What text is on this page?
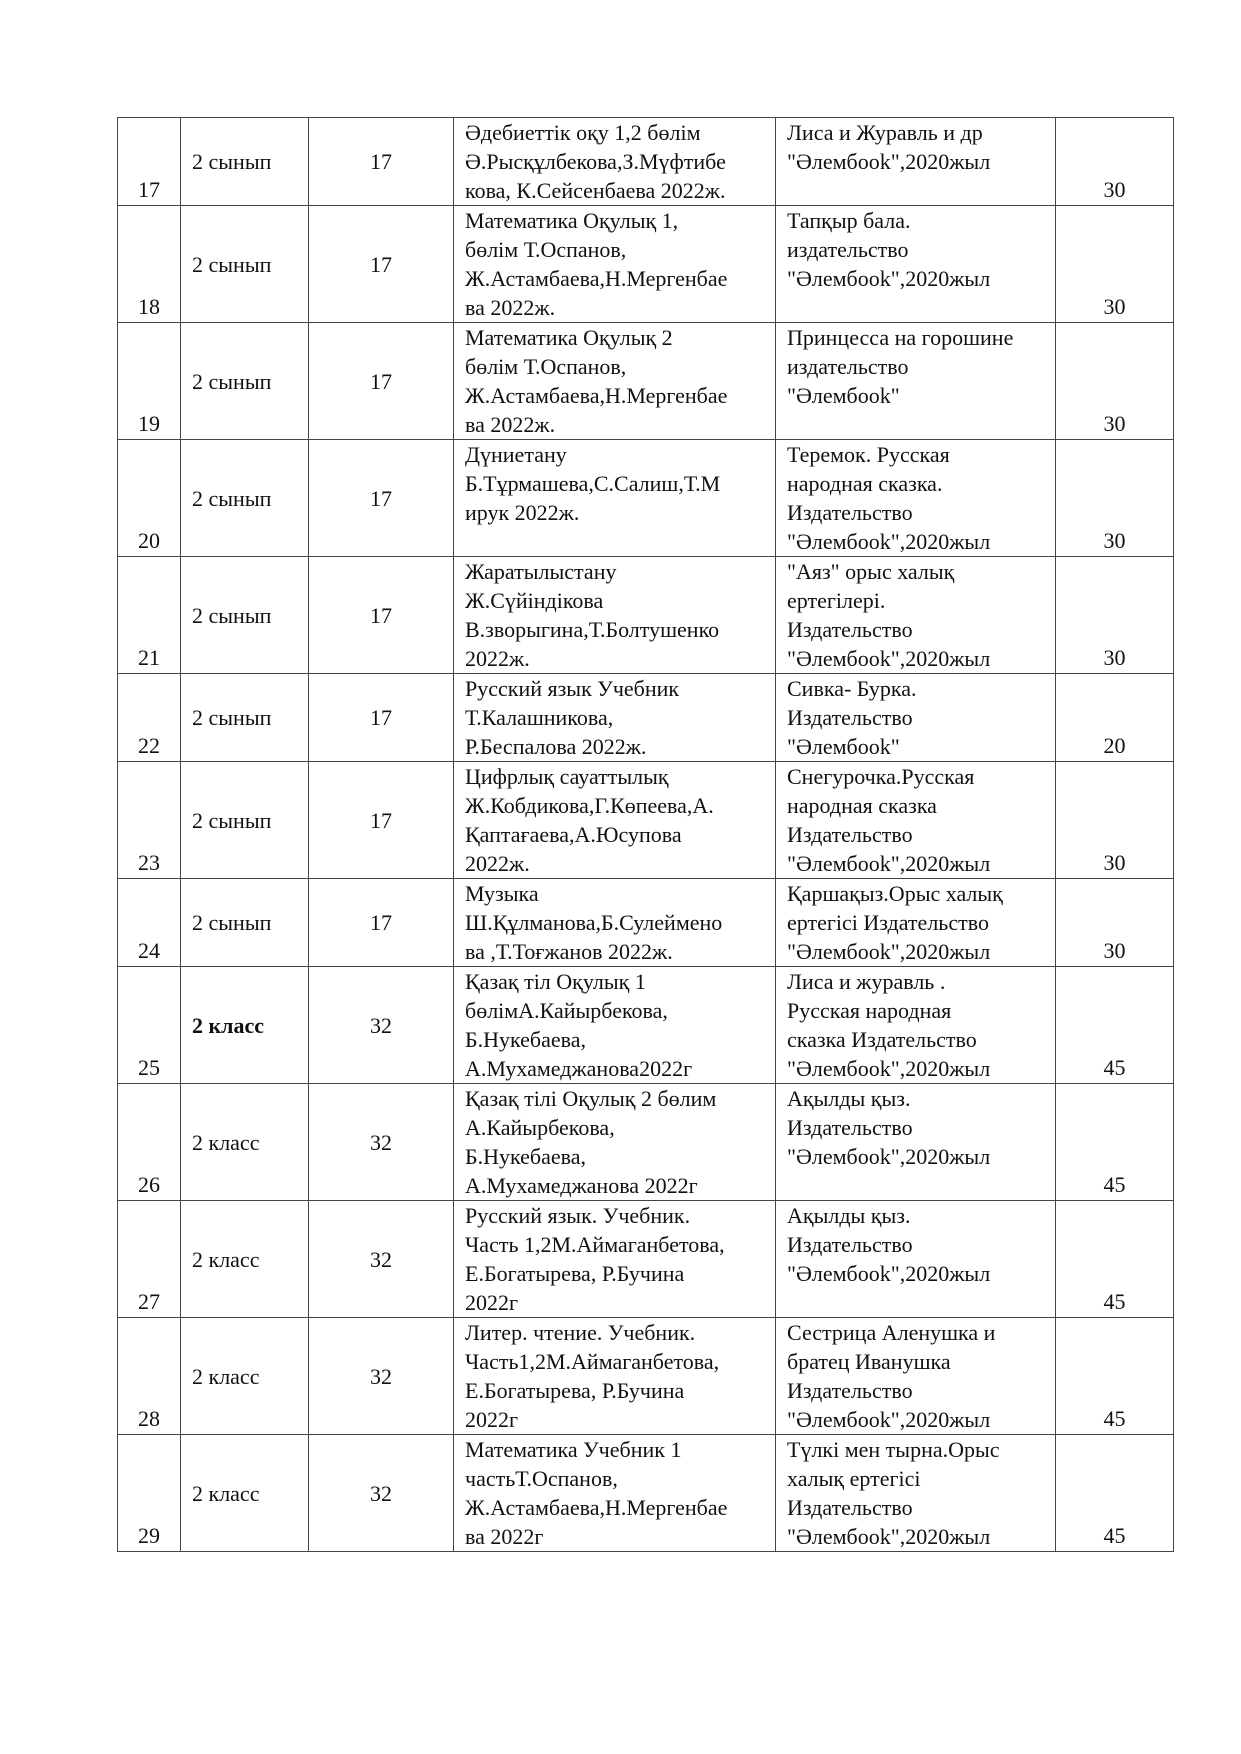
17	2 сынып	17	Әдебиеттік оқу 1,2 бөлім
Ә.Рысқұлбекова,З.Мүфтибе
кова, К.Сейсенбаева 2022ж.	Лиса и Журавль и др
"Әлембook",2020жыл	30
18	2 сынып	17	Математика Оқулық 1,
бөлім Т.Оспанов,
Ж.Астамбаева,Н.Мергенбае
ва 2022ж.	Тапқыр бала.
издательство
"Әлембook",2020жыл	30
19	2 сынып	17	Математика Оқулық 2
бөлім Т.Оспанов,
Ж.Астамбаева,Н.Мергенбае
ва 2022ж.	Принцесса на горошине
издательство
"Әлембook"	30
20	2 сынып	17	Дүниетану
Б.Тұрмашева,С.Салиш,Т.М
ирук 2022ж.	Теремок. Русская
народная сказка.
Издательство
"Әлембook",2020жыл	30
21	2 сынып	17	Жаратылыстану
Ж.Сүйіндікова
В.зворыгина,Т.Болтушенко
2022ж.	"Аяз" орыс халық
ертегілері.
Издательство
"Әлембook",2020жыл	30
22	2 сынып	17	Русский язык Учебник
Т.Калашникова,
Р.Беспалова 2022ж.	Сивка- Бурка.
Издательство
"Әлембook"	20
23	2 сынып	17	Цифрлық сауаттылық
Ж.Кобдикова,Г.Көпеева,А.
Қаптағаева,А.Юсупова
2022ж.	Снегурочка.Русская
народная сказка
Издательство
"Әлембook",2020жыл	30
24	2 сынып	17	Музыка
Ш.Құлманова,Б.Сулейменo
ва ,Т.Тоғжанов 2022ж.	Қаршақыз.Орыс халық
ертегісі Издательство
"Әлембook",2020жыл	30
25	2 класс	32	Қазақ тіл Оқулық 1
бөлімА.Кайырбекова,
Б.Нукебаева,
А.Мухамеджанова2022г	Лиса и журавль .
Русская народная
сказка Издательство
"Әлембook",2020жыл	45
26	2 класс	32	Қазақ тілі Оқулық 2 бөлим
А.Кайырбекова,
Б.Нукебаева,
А.Мухамеджанова 2022г	Ақылды қыз.
Издательство
"Әлембook",2020жыл	45
27	2 класс	32	Русский язык. Учебник.
Часть 1,2М.Аймаганбетова,
Е.Богатырева, Р.Бучина
2022г	Ақылды қыз.
Издательство
"Әлембook",2020жыл	45
28	2 класс	32	Литер. чтение. Учебник.
Часть1,2М.Аймаганбетова,
Е.Богатырева, Р.Бучина
2022г	Сестрица Аленушка и
братец Иванушка
Издательство
"Әлембook",2020жыл	45
29	2 класс	32	Математика Учебник 1
частьТ.Оспанов,
Ж.Астамбаева,Н.Мергенбае
ва 2022г	Түлкі мен тырна.Орыс
халық ертегісі
Издательство
"Әлембook",2020жыл	45
